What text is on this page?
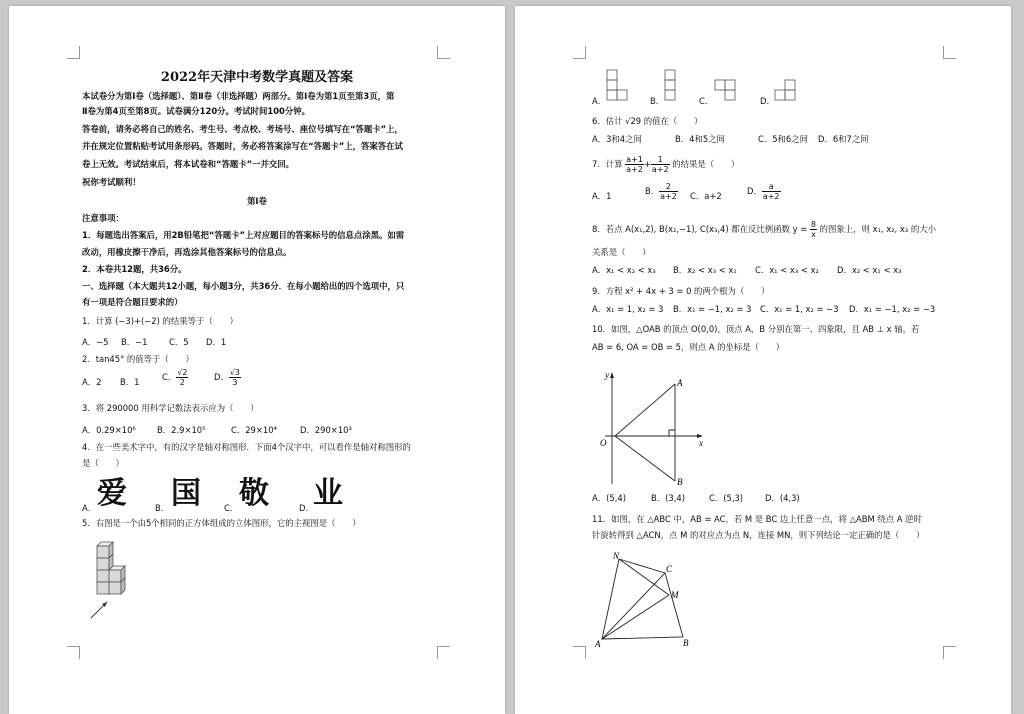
2022年天津中考数学真题及答案
本试卷分为第Ⅰ卷（选择题）、第Ⅱ卷（非选择题）两部分。第Ⅰ卷为第1页至第3页，第
Ⅱ卷为第4页至第8页。试卷满分120分。考试时间100分钟。
答卷前，请务必将自己的姓名、考生号、考点校、考场号、座位号填写在“答题卡”上，
并在规定位置粘贴考试用条形码。答题时，务必将答案涂写在“答题卡”上，答案答在试
卷上无效。考试结束后，将本试卷和“答题卡”一并交回。
祝你考试顺利！
第Ⅰ卷
注意事项：
1．每题选出答案后，用2B铅笔把“答题卡”上对应题目的答案标号的信息点涂黑。如需
改动，用橡皮擦干净后，再选涂其他答案标号的信息点。
2．本卷共12题，共36分。
一、选择题（本大题共12小题，每小题3分，共36分．在每小题给出的四个选项中，只
有一项是符合题目要求的）
1．计算 (−3)+(−2) 的结果等于（　　）
A．−5 B．−1	C．5 D．1
2．tan45° 的值等于（　　）
A．2 B．1	C． $\frac{√2}{2}$	D． $\frac{√3}{3}$
3．将 290000 用科学记数法表示应为（　　）
A．0.29×10⁶	B．2.9×10⁵	C．29×10⁴	D．290×10³
4．在一些美术字中，有的汉字是轴对称图形．下面4个汉字中，可以看作是轴对称图形的
是（　　）
爱 国 敬 业
A．	B．	C．	D．
5．右图是一个由5个相同的正方体组成的立体图形，它的主视图是（　　）
A．	B．	C．	D．
6．估计 √29 的值在（　　）
A．3和4之间	B．4和5之间	C．5和6之间 D．6和7之间
7．计算 $\frac{a+1}{a+2} + \frac{1}{a+2}$ 的结果是（　　）
A．1	B． $\frac{2}{a+2}$ C．a+2	D． $\frac{a}{a+2}$
8．若点 A(x₁,2), B(x₂,−1), C(x₃,4) 都在反比例函数 $y = \frac{8}{x}$ 的图象上，则 x₁, x₂, x₃ 的大小
关系是（　　）
A．x₁ < x₂ < x₃ B．x₂ < x₃ < x₁ C．x₁ < x₃ < x₂ D．x₂ < x₁ < x₃
9．方程 x² + 4x + 3 = 0 的两个根为（　　）
A．x₁ = 1, x₂ = 3 B．x₁ = −1, x₂ = 3 C．x₁ = 1, x₂ = −3 D．x₁ = −1, x₂ = −3
10．如图，△OAB 的顶点 O(0,0)，顶点 A，B 分别在第一、四象限，且 AB ⊥ x 轴，若
AB = 6, OA = OB = 5，则点 A 的坐标是（　　）
y
x
O
A
B
A．(5,4)	B．(3,4)	C．(5,3)	D．(4,3)
11．如图，在 △ABC 中，AB = AC，若 M 是 BC 边上任意一点，将 △ABM 绕点 A 逆时
针旋转得到 △ACN，点 M 的对应点为点 N，连接 MN，则下列结论一定正确的是（　　）
N
C
M
A	B
